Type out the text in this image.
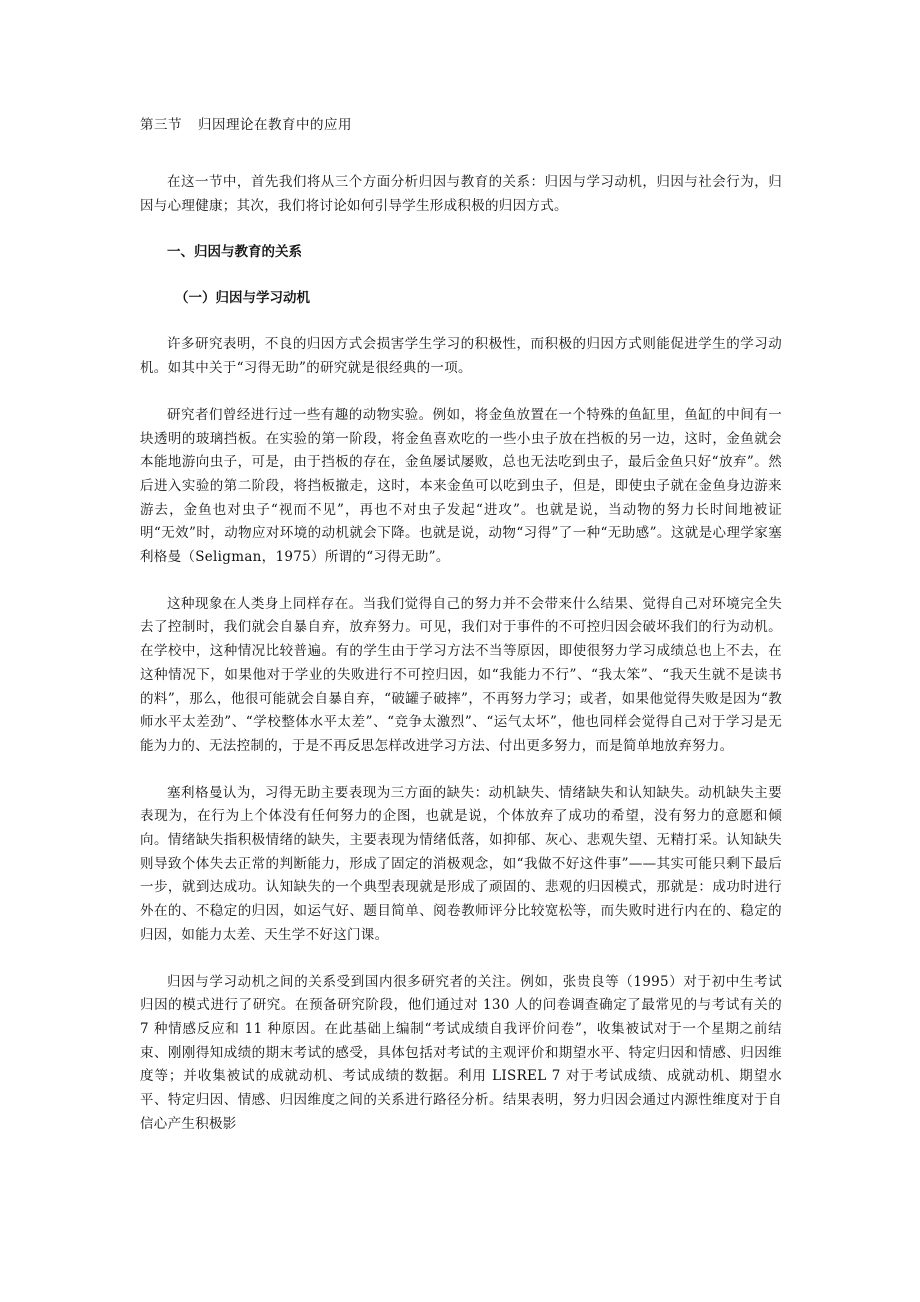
第三节 归因理论在教育中的应用

在这一节中，首先我们将从三个方面分析归因与教育的关系：归因与学习动机，归因与社会行为，归因与心理健康；其次，我们将讨论如何引导学生形成积极的归因方式。

一、归因与教育的关系
（一）归因与学习动机

许多研究表明，不良的归因方式会损害学生学习的积极性，而积极的归因方式则能促进学生的学习动机。如其中关于“习得无助”的研究就是很经典的一项。

研究者们曾经进行过一些有趣的动物实验。例如，将金鱼放置在一个特殊的鱼缸里，鱼缸的中间有一块透明的玻璃挡板。在实验的第一阶段，将金鱼喜欢吃的一些小虫子放在挡板的另一边，这时，金鱼就会本能地游向虫子，可是，由于挡板的存在，金鱼屡试屡败，总也无法吃到虫子，最后金鱼只好“放弃”。然后进入实验的第二阶段，将挡板撤走，这时，本来金鱼可以吃到虫子，但是，即使虫子就在金鱼身边游来游去，金鱼也对虫子“视而不见”，再也不对虫子发起“进攻”。也就是说，当动物的努力长时间地被证明“无效”时，动物应对环境的动机就会下降。也就是说，动物“习得”了一种“无助感”。这就是心理学家塞利格曼（Seligman，1975）所谓的“习得无助”。

这种现象在人类身上同样存在。当我们觉得自己的努力并不会带来什么结果、觉得自己对环境完全失去了控制时，我们就会自暴自弃，放弃努力。可见，我们对于事件的不可控归因会破坏我们的行为动机。在学校中，这种情况比较普遍。有的学生由于学习方法不当等原因，即使很努力学习成绩总也上不去，在这种情况下，如果他对于学业的失败进行不可控归因，如“我能力不行”、“我太笨”、“我天生就不是读书的料”，那么，他很可能就会自暴自弃，“破罐子破摔”，不再努力学习；或者，如果他觉得失败是因为“教师水平太差劲”、“学校整体水平太差”、“竞争太激烈”、“运气太坏”，他也同样会觉得自己对于学习是无能为力的、无法控制的，于是不再反思怎样改进学习方法、付出更多努力，而是简单地放弃努力。

塞利格曼认为，习得无助主要表现为三方面的缺失：动机缺失、情绪缺失和认知缺失。动机缺失主要表现为，在行为上个体没有任何努力的企图，也就是说，个体放弃了成功的希望，没有努力的意愿和倾向。情绪缺失指积极情绪的缺失，主要表现为情绪低落，如抑郁、灰心、悲观失望、无精打采。认知缺失则导致个体失去正常的判断能力，形成了固定的消极观念，如“我做不好这件事”——其实可能只剩下最后一步，就到达成功。认知缺失的一个典型表现就是形成了顽固的、悲观的归因模式，那就是：成功时进行外在的、不稳定的归因，如运气好、题目简单、阅卷教师评分比较宽松等，而失败时进行内在的、稳定的归因，如能力太差、天生学不好这门课。

归因与学习动机之间的关系受到国内很多研究者的关注。例如，张贵良等（1995）对于初中生考试归因的模式进行了研究。在预备研究阶段，他们通过对 130 人的问卷调查确定了最常见的与考试有关的 7 种情感反应和 11 种原因。在此基础上编制“考试成绩自我评价问卷”，收集被试对于一个星期之前结束、刚刚得知成绩的期末考试的感受，具体包括对考试的主观评价和期望水平、特定归因和情感、归因维度等；并收集被试的成就动机、考试成绩的数据。利用 LISREL 7 对于考试成绩、成就动机、期望水平、特定归因、情感、归因维度之间的关系进行路径分析。结果表明，努力归因会通过内源性维度对于自信心产生积极影
